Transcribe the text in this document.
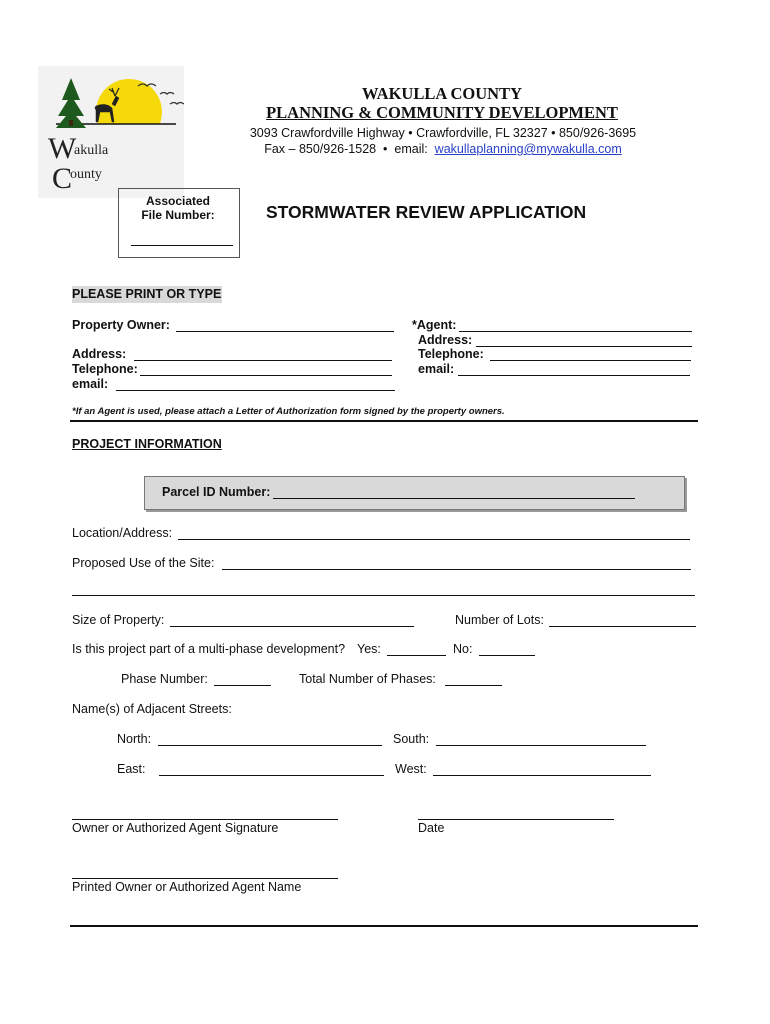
W
akulla
C
ounty
WAKULLA COUNTY
PLANNING & COMMUNITY DEVELOPMENT
3093 Crawfordville Highway • Crawfordville, FL 32327 • 850/926-3695
Fax – 850/926-1528  •  email:  wakullaplanning@mywakulla.com
Associated
File Number:	STORMWATER REVIEW APPLICATION
PLEASE PRINT OR TYPE
Property Owner:
Address:
Telephone:
email:
*Agent:
Address:
Telephone:
email:
*If an Agent is used, please attach a Letter of Authorization form signed by the property owners.
PROJECT INFORMATION
Parcel ID Number:
Location/Address:
Proposed Use of the Site:
Size of Property:	Number of Lots:
Is this project part of a multi-phase development? Yes:	No:
Phase Number:	Total Number of Phases:
Name(s) of Adjacent Streets:
North:	South:
East:	West:
Owner or Authorized Agent Signature	Date
Printed Owner or Authorized Agent Name
